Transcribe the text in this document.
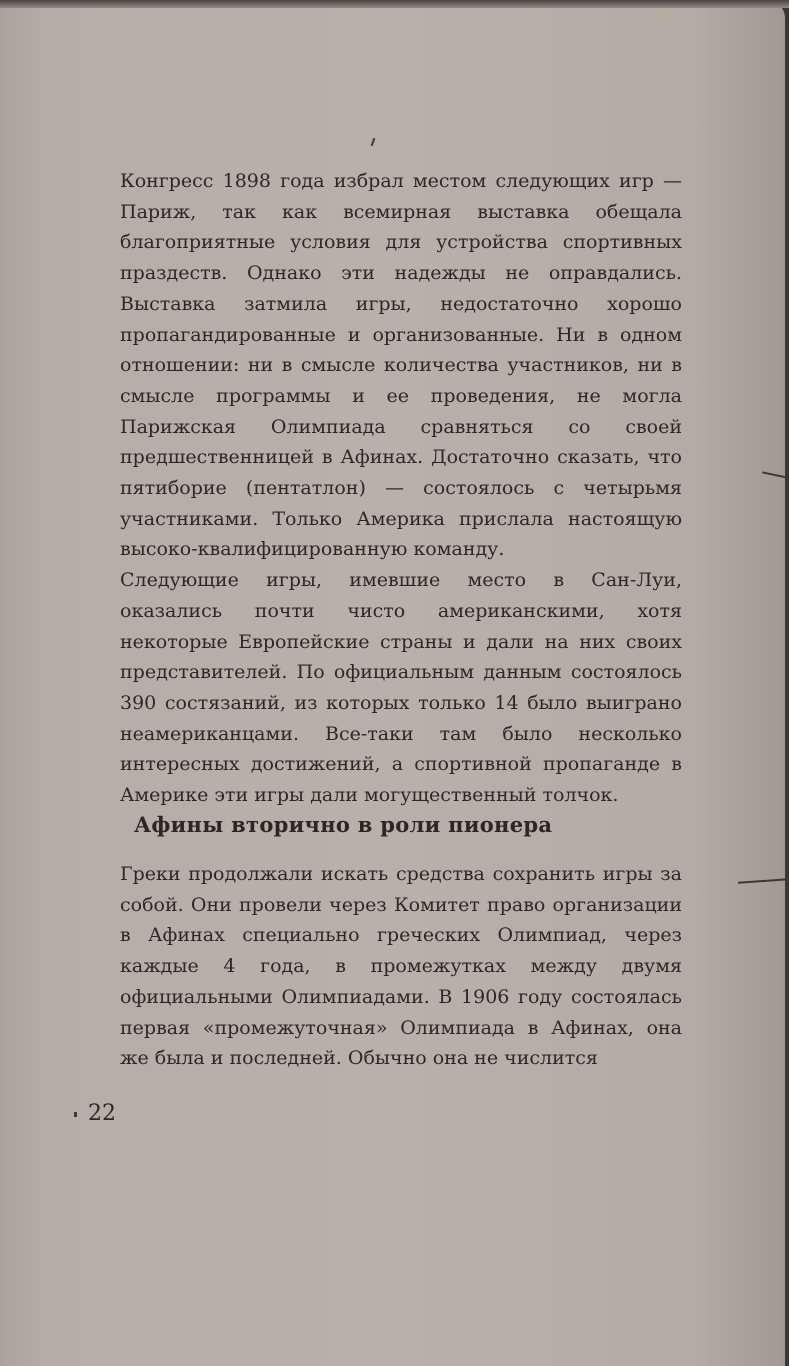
Конгресс 1898 года избрал местом следующих игр — Париж, так как всемирная выставка обещала благоприятные условия для устройства спортивных праздеств. Однако эти надежды не оправдались. Выставка затмила игры, недостаточно хорошо пропагандированные и организованные. Ни в одном отношении: ни в смысле количества участников, ни в смысле программы и ее проведения, не могла Парижская Олимпиада сравняться со своей предшественницей в Афинах. Достаточно сказать, что пятиборие (пентатлон) — состоялось с четырьмя участниками. Только Америка прислала настоящую высоко-квалифицированную команду.

Следующие игры, имевшие место в Сан-Луи, оказались почти чисто американскими, хотя некоторые Европейские страны и дали на них своих представителей. По официальным данным состоялось 390 состязаний, из которых только 14 было выиграно неамериканцами. Все-таки там было несколько интересных достижений, а спортивной пропаганде в Америке эти игры дали могущественный толчок.

Афины вторично в роли пионера

Греки продолжали искать средства сохранить игры за собой. Они провели через Комитет право организации в Афинах специально греческих Олимпиад, через каждые 4 года, в промежутках между двумя официальными Олимпиадами. В 1906 году состоялась первая «промежуточная» Олимпиада в Афинах, она же была и последней. Обычно она не числится

22
